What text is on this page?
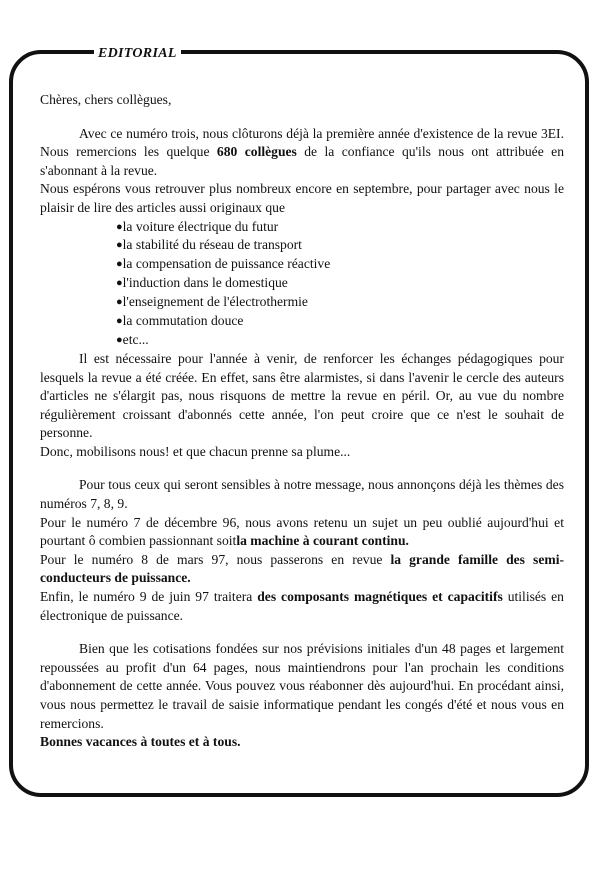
EDITORIAL

Chères, chers collègues,

Avec ce numéro trois, nous clôturons déjà la première année d'existence de la revue 3EI. Nous remercions les quelque 680 collègues de la confiance qu'ils nous ont attribuée en s'abonnant à la revue.

Nous espérons vous retrouver plus nombreux encore en septembre, pour partager avec nous le plaisir de lire des articles aussi originaux que

●la voiture électrique du futur
●la stabilité du réseau de transport
●la compensation de puissance réactive
●l'induction dans le domestique
●l'enseignement de l'électrothermie
●la commutation douce
●etc...

Il est nécessaire pour l'année à venir, de renforcer les échanges pédagogiques pour lesquels la revue a été créée. En effet, sans être alarmistes, si dans l'avenir le cercle des auteurs d'articles ne s'élargit pas, nous risquons de mettre la revue en péril. Or, au vue du nombre régulièrement croissant d'abonnés cette année, l'on peut croire que ce n'est le souhait de personne.

Donc, mobilisons nous! et que chacun prenne sa plume...

Pour tous ceux qui seront sensibles à notre message, nous annonçons déjà les thèmes des numéros 7, 8, 9.

Pour le numéro 7 de décembre 96, nous avons retenu un sujet un peu oublié aujourd'hui et pourtant ô combien passionnant soitla machine à courant continu.

Pour le numéro 8 de mars 97, nous passerons en revue la grande famille des semi-conducteurs de puissance.

Enfin, le numéro 9 de juin 97 traitera des composants magnétiques et capacitifs utilisés en électronique de puissance.

Bien que les cotisations fondées sur nos prévisions initiales d'un 48 pages et largement repoussées au profit d'un 64 pages, nous maintiendrons pour l'an prochain les conditions d'abonnement de cette année. Vous pouvez vous réabonner dès aujourd'hui. En procédant ainsi, vous nous permettez le travail de saisie informatique pendant les congés d'été et nous vous en remercions.

Bonnes vacances à toutes et à tous.
